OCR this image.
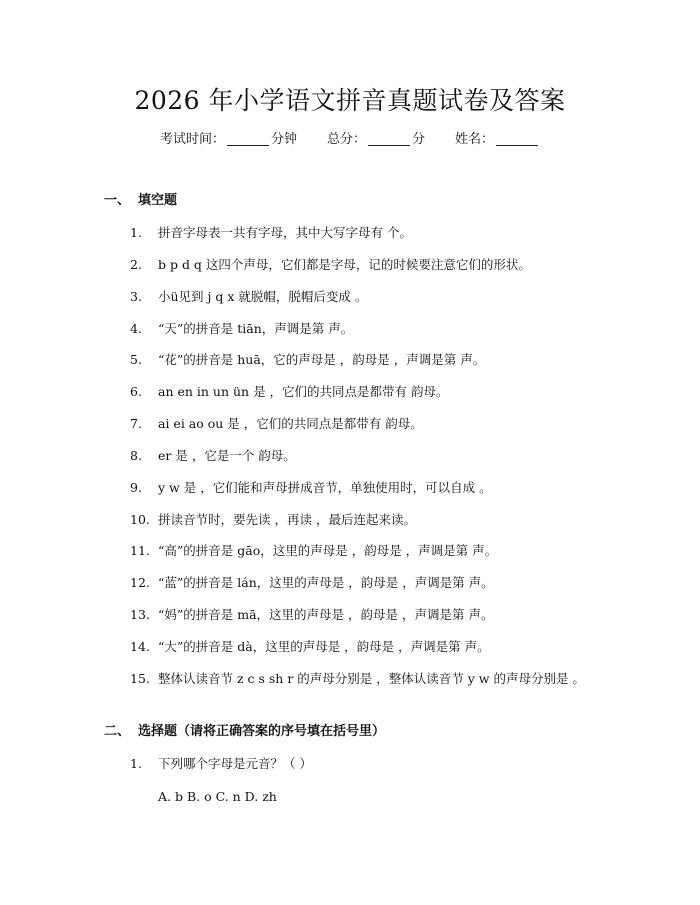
2026 年小学语文拼音真题试卷及答案
考试时间：	分钟 总分：	分 姓名：
一、 填空题
1. 拼音字母表一共有字母，其中大写字母有 个。
2. b p d q 这四个声母，它们都是字母，记的时候要注意它们的形状。
3. 小ü见到 j q x 就脱帽，脱帽后变成 。
4. “天”的拼音是 tiān，声调是第 声。
5. “花”的拼音是 huā，它的声母是 ，韵母是 ，声调是第 声。
6. an en in un ün 是 ，它们的共同点是都带有 韵母。
7. ai ei ao ou 是 ，它们的共同点是都带有 韵母。
8. er 是 ，它是一个 韵母。
9. y w 是 ，它们能和声母拼成音节，单独使用时，可以自成 。
10. 拼读音节时，要先读 ，再读 ，最后连起来读。
11. “高”的拼音是 gāo，这里的声母是 ，韵母是 ，声调是第 声。
12. “蓝”的拼音是 lán，这里的声母是 ，韵母是 ，声调是第 声。
13. “妈”的拼音是 mā，这里的声母是 ，韵母是 ，声调是第 声。
14. “大”的拼音是 dà，这里的声母是 ，韵母是 ，声调是第 声。
15. 整体认读音节 z c s sh r 的声母分别是 ，整体认读音节 y w 的声母分别是 。
二、 选择题（请将正确答案的序号填在括号里）
1. 下列哪个字母是元音？（ ）
A. b B. o C. n D. zh
